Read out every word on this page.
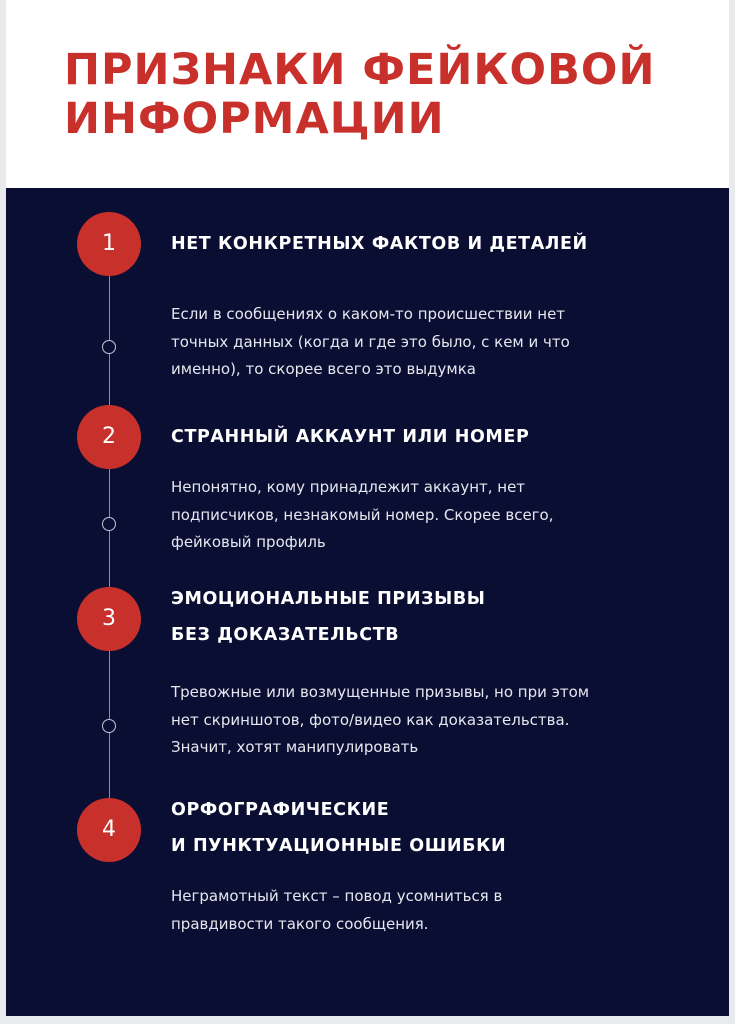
ПРИЗНАКИ ФЕЙКОВОЙ
ИНФОРМАЦИИ
1	НЕТ КОНКРЕТНЫХ ФАКТОВ И ДЕТАЛЕЙ

Если в сообщениях о каком-то происшествии нет
точных данных (когда и где это было, с кем и что
именно), то скорее всего это выдумка

2	СТРАННЫЙ АККАУНТ ИЛИ НОМЕР

Непонятно, кому принадлежит аккаунт, нет
подписчиков, незнакомый номер. Скорее всего,
фейковый профиль

3
ЭМОЦИОНАЛЬНЫЕ ПРИЗЫВЫ
БЕЗ ДОКАЗАТЕЛЬСТВ

Тревожные или возмущенные призывы, но при этом
нет скриншотов, фото/видео как доказательства.
Значит, хотят манипулировать

4
ОРФОГРАФИЧЕСКИЕ
И ПУНКТУАЦИОННЫЕ ОШИБКИ

Неграмотный текст – повод усомниться в
правдивости такого сообщения.
